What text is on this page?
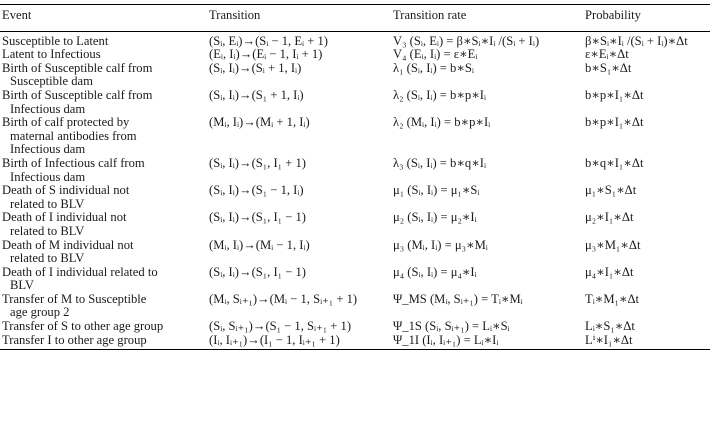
Event	Transition	Transition rate	Probability

Susceptible to Latent	(Sᵢ, Eᵢ)→(Sᵢ − 1, Eᵢ + 1)	V₃ (Sᵢ, Eᵢ) = β∗Sᵢ∗Iᵢ /(Sᵢ + Iᵢ)	β∗Sᵢ∗Iᵢ /(Sᵢ + Iᵢ)∗Δt

Latent to Infectious	(Eᵢ, Iᵢ)→(Eᵢ − 1, Iᵢ + 1)	V₄ (Eᵢ, Iᵢ) = ε∗Eᵢ	ε∗Eᵢ∗Δt

Birth of Susceptible calf from
Susceptible dam	(Sᵢ, Iᵢ)→(Sᵢ + 1, Iᵢ)	λ₁ (Sᵢ, Iᵢ) = b∗Sᵢ	b∗S₁∗Δt

Birth of Susceptible calf from
Infectious dam	(Sᵢ, Iᵢ)→(S₁ + 1, Iᵢ)	λ₂ (Sᵢ, Iᵢ) = b∗p∗Iᵢ	b∗p∗I₁∗Δt

Birth of calf protected by
maternal antibodies from
Infectious dam	(Mᵢ, Iᵢ)→(Mᵢ + 1, Iᵢ)	λ₂ (Mᵢ, Iᵢ) = b∗p∗Iᵢ	b∗p∗I₁∗Δt

Birth of Infectious calf from
Infectious dam	(Sᵢ, Iᵢ)→(S₁, I₁ + 1)	λ₃ (Sᵢ, Iᵢ) = b∗q∗Iᵢ	b∗q∗I₁∗Δt

Death of S individual not
related to BLV	(Sᵢ, Iᵢ)→(S₁ − 1, Iᵢ)	μ₁ (Sᵢ, Iᵢ) = μ₁∗Sᵢ	μ₁∗S₁∗Δt

Death of I individual not
related to BLV	(Sᵢ, Iᵢ)→(S₁, I₁ − 1)	μ₂ (Sᵢ, Iᵢ) = μ₂∗Iᵢ	μ₂∗I₁∗Δt

Death of M individual not
related to BLV	(Mᵢ, Iᵢ)→(Mᵢ − 1, Iᵢ)	μ₃ (Mᵢ, Iᵢ) = μ₃∗Mᵢ	μ₃∗M₁∗Δt

Death of I individual related to
BLV	(Sᵢ, Iᵢ)→(S₁, I₁ − 1)	μ₄ (Sᵢ, Iᵢ) = μ₄∗Iᵢ	μ₄∗I₁∗Δt

Transfer of M to Susceptible
age group 2	(Mᵢ, Sᵢ₊₁)→(Mᵢ − 1, Sᵢ₊₁ + 1)	Ψ_MS (Mᵢ, Sᵢ₊₁) = Tᵢ∗Mᵢ	Tᵢ∗M₁∗Δt

Transfer of S to other age group	(Sᵢ, Sᵢ₊₁)→(S₁ − 1, Sᵢ₊₁ + 1)	Ψ_1S (Sᵢ, Sᵢ₊₁) = Lᵢ∗Sᵢ	Lᵢ∗S₁∗Δt

Transfer I to other age group	(Iᵢ, Iᵢ₊₁)→(I₁ − 1, Iᵢ₊₁ + 1)	Ψ_1I (Iᵢ, Iᵢ₊₁) = Lᵢ∗Iᵢ	Lⁱ∗I₁∗Δt
